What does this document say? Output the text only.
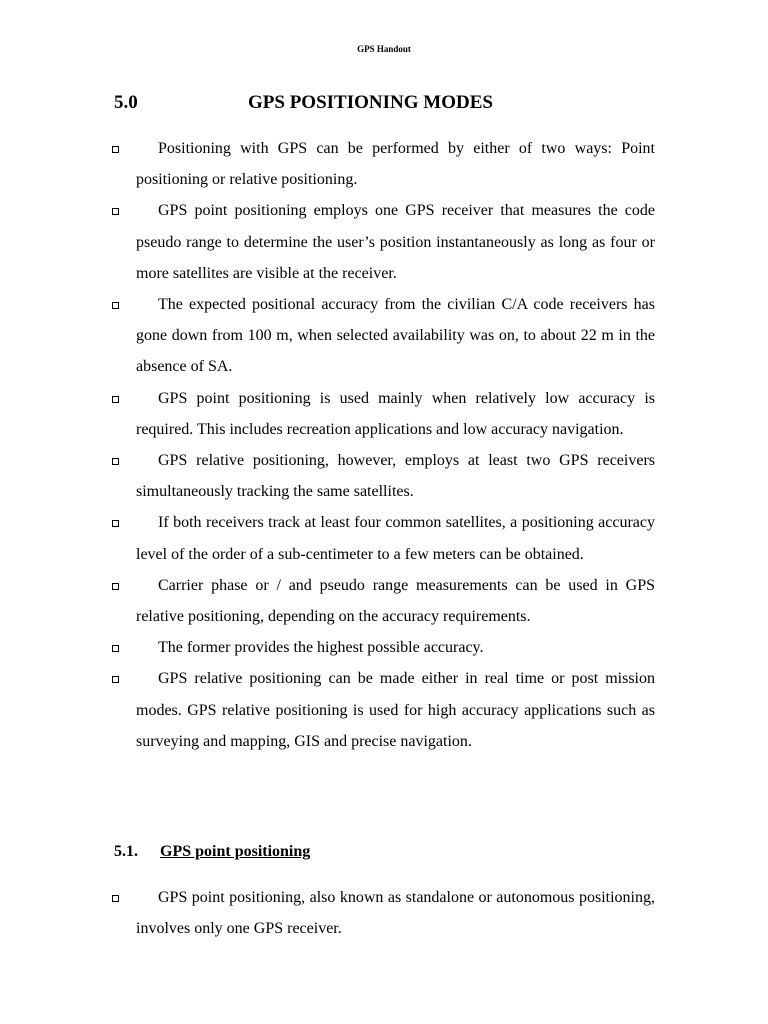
GPS Handout
5.0	GPS POSITIONING MODES
Positioning with GPS can be performed by either of two ways: Point positioning or relative positioning.
GPS point positioning employs one GPS receiver that measures the code pseudo range to determine the user’s position instantaneously as long as four or more satellites are visible at the receiver.
The expected positional accuracy from the civilian C/A code receivers has gone down from 100 m, when selected availability was on, to about 22 m in the absence of SA.
GPS point positioning is used mainly when relatively low accuracy is required. This includes recreation applications and low accuracy navigation.
GPS relative positioning, however, employs at least two GPS receivers simultaneously tracking the same satellites.
If both receivers track at least four common satellites, a positioning accuracy level of the order of a sub-centimeter to a few meters can be obtained.
Carrier phase or / and pseudo range measurements can be used in GPS relative positioning, depending on the accuracy requirements.
The former provides the highest possible accuracy.
GPS relative positioning can be made either in real time or post mission modes. GPS relative positioning is used for high accuracy applications such as surveying and mapping, GIS and precise navigation.
5.1. GPS point positioning
GPS point positioning, also known as standalone or autonomous positioning, involves only one GPS receiver.
